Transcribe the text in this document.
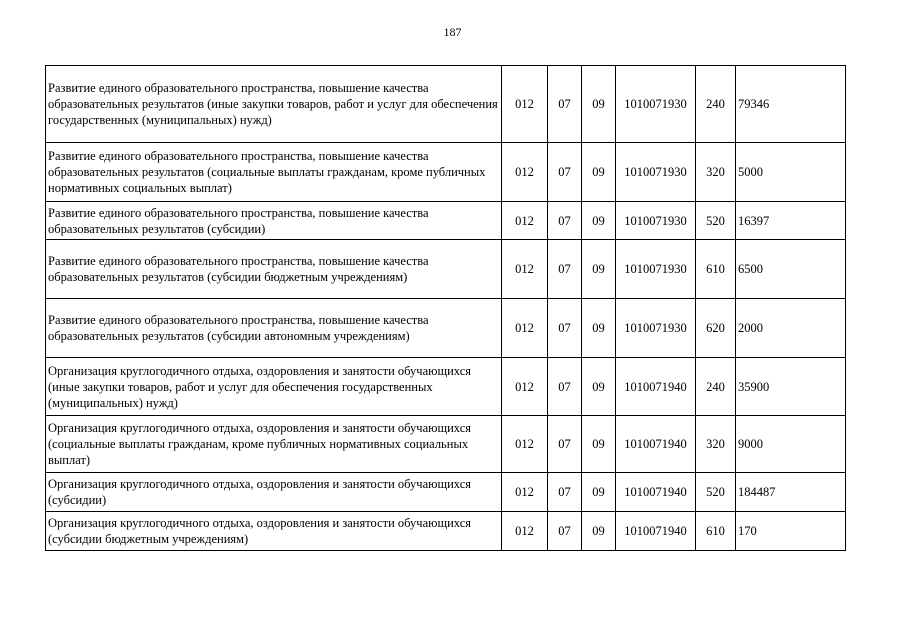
187
Развитие единого образовательного пространства, повышение качества образовательных результатов (иные закупки товаров, работ и услуг для обеспечения государственных (муниципальных) нужд)	012	07	09	1010071930	240	79346
Развитие единого образовательного пространства, повышение качества образовательных результатов (социальные выплаты гражданам, кроме публичных нормативных социальных выплат)	012	07	09	1010071930	320	5000
Развитие единого образовательного пространства, повышение качества образовательных результатов (субсидии)	012	07	09	1010071930	520	16397
Развитие единого образовательного пространства, повышение качества образовательных результатов (субсидии бюджетным учреждениям)	012	07	09	1010071930	610	6500
Развитие единого образовательного пространства, повышение качества образовательных результатов (субсидии автономным учреждениям)	012	07	09	1010071930	620	2000
Организация круглогодичного отдыха, оздоровления и занятости обучающихся (иные закупки товаров, работ и услуг для обеспечения государственных (муниципальных) нужд)	012	07	09	1010071940	240	35900
Организация круглогодичного отдыха, оздоровления и занятости обучающихся (социальные выплаты гражданам, кроме публичных нормативных социальных выплат)	012	07	09	1010071940	320	9000
Организация круглогодичного отдыха, оздоровления и занятости обучающихся (субсидии)	012	07	09	1010071940	520	184487
Организация круглогодичного отдыха, оздоровления и занятости обучающихся (субсидии бюджетным учреждениям)	012	07	09	1010071940	610	170
